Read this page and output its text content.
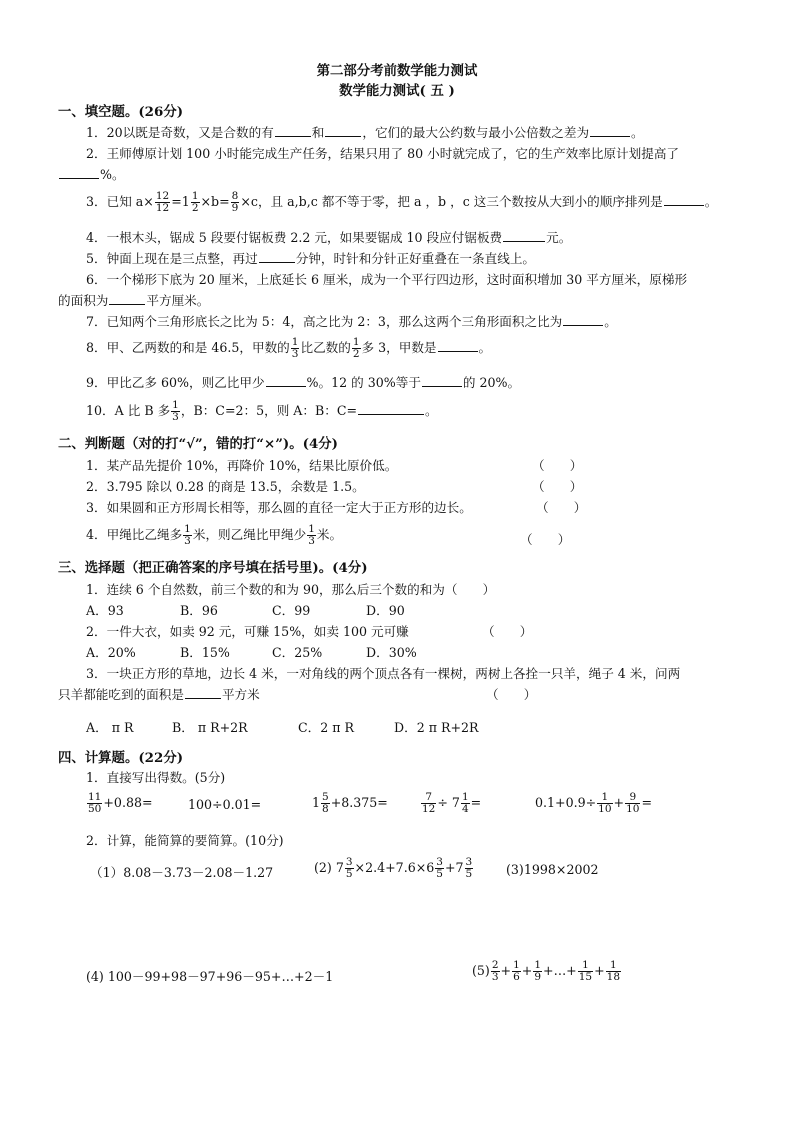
第二部分考前数学能力测试
数学能力测试( 五 )
一、填空题。(26分)
1．20以既是奇数，又是合数的有	和	，它们的最大公约数与最小公倍数之差为	。
2．王师傅原计划 100 小时能完成生产任务，结果只用了 80 小时就完成了，它的生产效率比原计划提高了
%。
3．已知 $a\times \frac{12}{12} =1 \frac{1}{2} \times b= \frac{8}{9} \times c$，且 a,b,c 都不等于零，把 a ，b ，c 这三个数按从大到小的顺序排列是	。
4．一根木头，锯成 5 段要付锯板费 2.2 元，如果要锯成 10 段应付锯板费	元。
5．钟面上现在是三点整，再过	分钟，时针和分针正好重叠在一条直线上。
6．一个梯形下底为 20 厘米，上底延长 6 厘米，成为一个平行四边形，这时面积增加 30 平方厘米，原梯形
的面积为	平方厘米。
7．已知两个三角形底长之比为 5：4，高之比为 2：3，那么这两个三角形面积之比为	。
8．甲、乙两数的和是 46.5，甲数的 $\frac{1}{3}$ 比乙数的 $\frac{1}{2}$ 多 3，甲数是	。
9．甲比乙多 60%，则乙比甲少	%。12 的 30%等于	的 20%。
10．A 比 B 多 $\frac{1}{3}$ ，B：C=2：5，则 A：B：C=	。
二、判断题（对的打“√”，错的打“×”)。(4分)
1．某产品先提价 10%，再降价 10%，结果比原价低。	（　　）
2．3.795 除以 0.28 的商是 13.5，余数是 1.5。	（　　）
3．如果圆和正方形周长相等，那么圆的直径一定大于正方形的边长。	（　　）
4．甲绳比乙绳多 $\frac{1}{3}$ 米，则乙绳比甲绳少 $\frac{1}{3}$ 米。	（　　）
三、选择题（把正确答案的序号填在括号里)。(4分)
1．连续 6 个自然数，前三个数的和为 90，那么后三个数的和为（　　）
A．93	B．96	C．99	D．90
2．一件大衣，如卖 92 元，可赚 15%，如卖 100 元可赚	（　　）
A．20%	B．15%	C．25%	D．30%
3．一块正方形的草地，边长 4 米，一对角线的两个顶点各有一棵树，两树上各拴一只羊，绳子 4 米，问两
只羊都能吃到的面积是	平方米	（　　）
A． π R	B． π R+2R	C．2 π R	D．2 π R+2R
四、计算题。(22分)
1．直接写出得数。(5分)
$\frac{11}{50} +0.88=$	100÷0.01=	$1 \frac{5}{8} +8.375=$	$\frac{7}{12} \div 7 \frac{1}{4}$ =	$0.1+0.9\div \frac{1}{10} + \frac{9}{10}$ =
2．计算，能简算的要简算。(10分)
（1）8.08－3.73－2.08－1.27	(2) $7 \frac{3}{5} \times 2.4+7.6\times 6 \frac{3}{5} +7 \frac{3}{5}$	(3)1998×2002
(4) 100－99+98－97+96－95+…+2－1	$(5) \frac{2}{3} + \frac{1}{6} + \frac{1}{9}$ +…+ $\frac{1}{15} + \frac{1}{18}$
